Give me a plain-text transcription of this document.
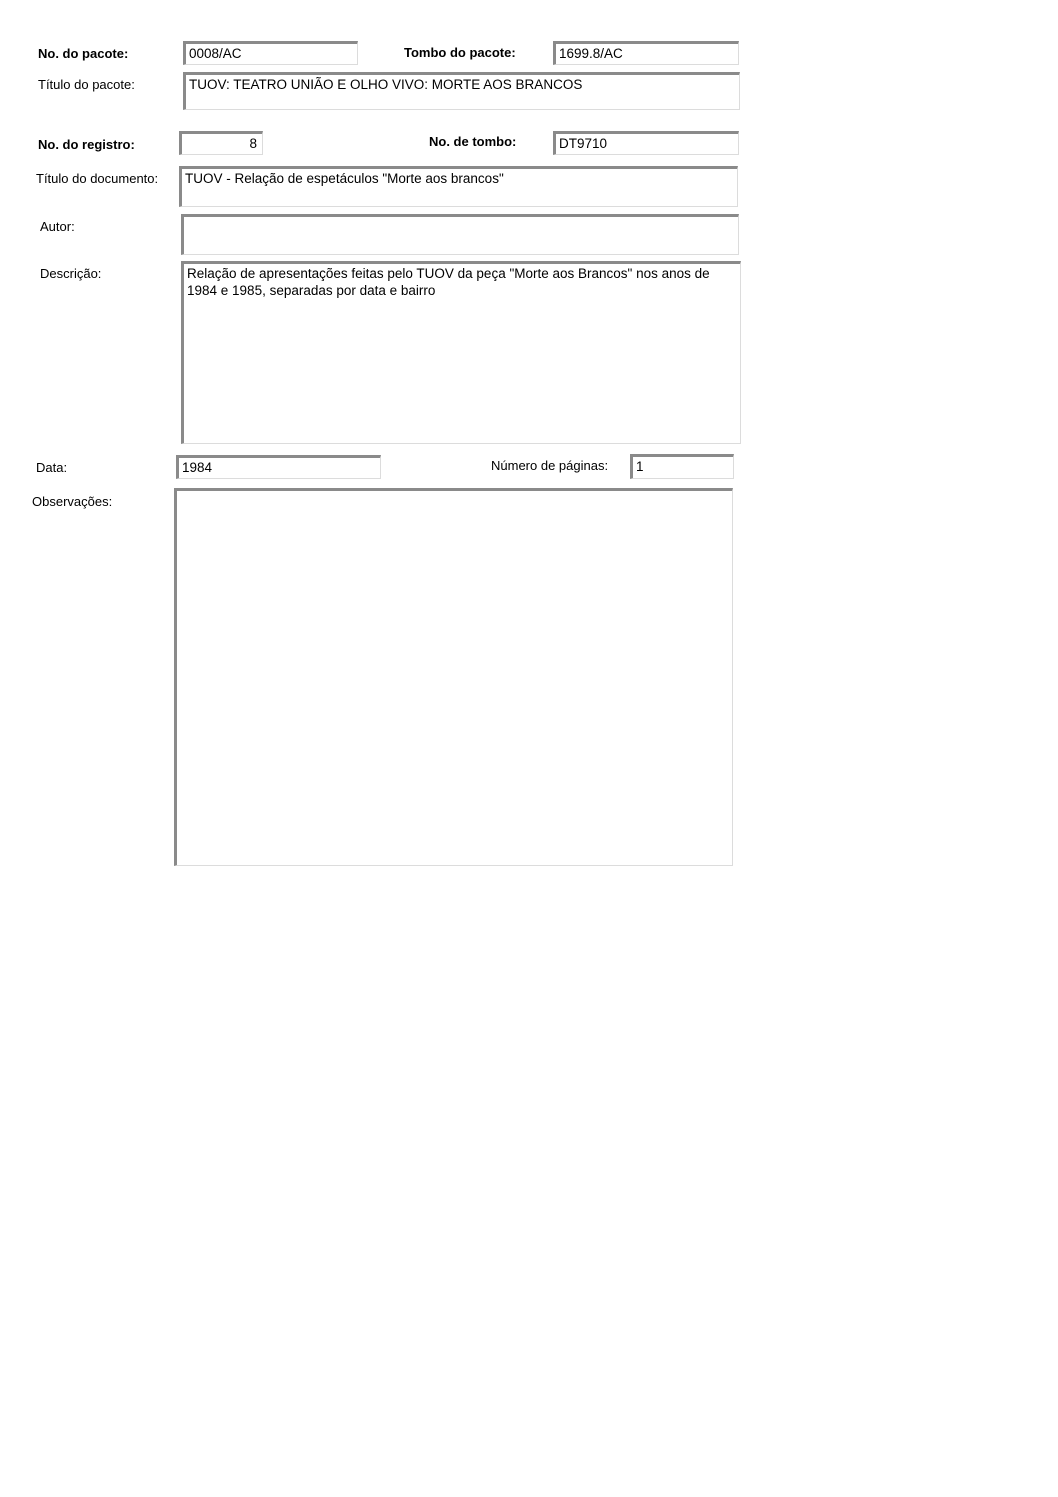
No. do pacote:	0008/AC	Tombo do pacote:	1699.8/AC
Título do pacote:	TUOV: TEATRO UNIÃO E OLHO VIVO: MORTE AOS BRANCOS
No. do registro:	8	No. de tombo:	DT9710
Título do documento:	TUOV - Relação de espetáculos "Morte aos brancos"
Autor:
Descrição:	Relação de apresentações feitas pelo TUOV da peça "Morte aos Brancos" nos anos de 1984 e 1985, separadas por data e bairro
Data:	1984	Número de páginas:	1
Observações:
